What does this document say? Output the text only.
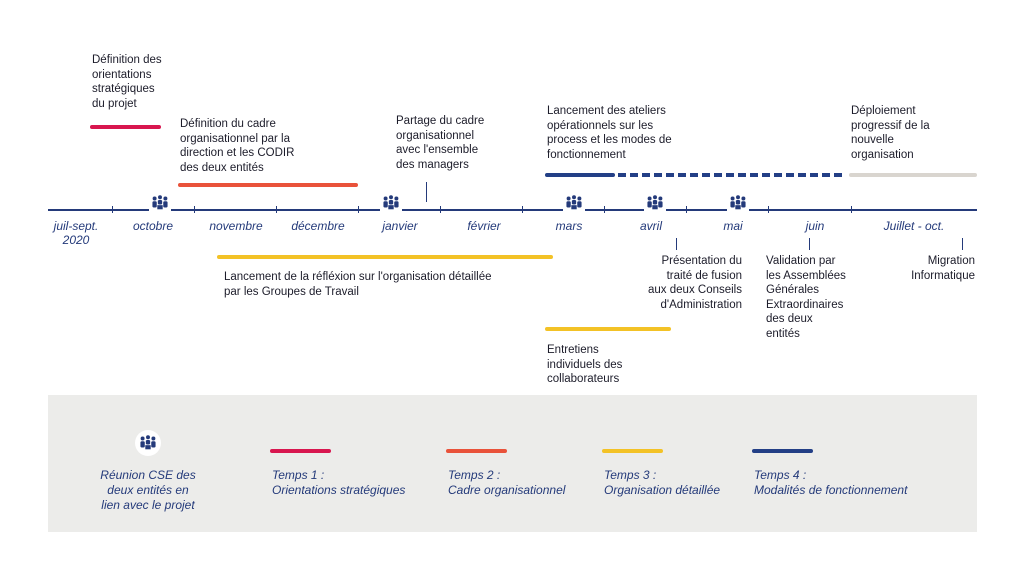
Définition des
orientations
stratégiques
du projet
Définition du cadre
organisationnel par la
direction et les CODIR
des deux entités
Partage du cadre
organisationnel
avec l'ensemble
des managers
Lancement des ateliers
opérationnels sur les
process et les modes de
fonctionnement
Déploiement
progressif de la
nouvelle
organisation
juil-sept.
2020
octobre	novembre	décembre	janvier	février	mars	avril	mai	juin	Juillet - oct.
Lancement de la réfléxion sur l'organisation détaillée
par les Groupes de Travail
Présentation du
traité de fusion
aux deux Conseils
d'Administration
Validation par
les Assemblées
Générales
Extraordinaires
des deux
entités
Migration
Informatique
Entretiens
individuels des
collaborateurs
Réunion CSE des
deux entités en
lien avec le projet
Temps 1 :
Orientations stratégiques
Temps 2 :
Cadre organisationnel
Temps 3 :
Organisation détaillée
Temps 4 :
Modalités de fonctionnement
